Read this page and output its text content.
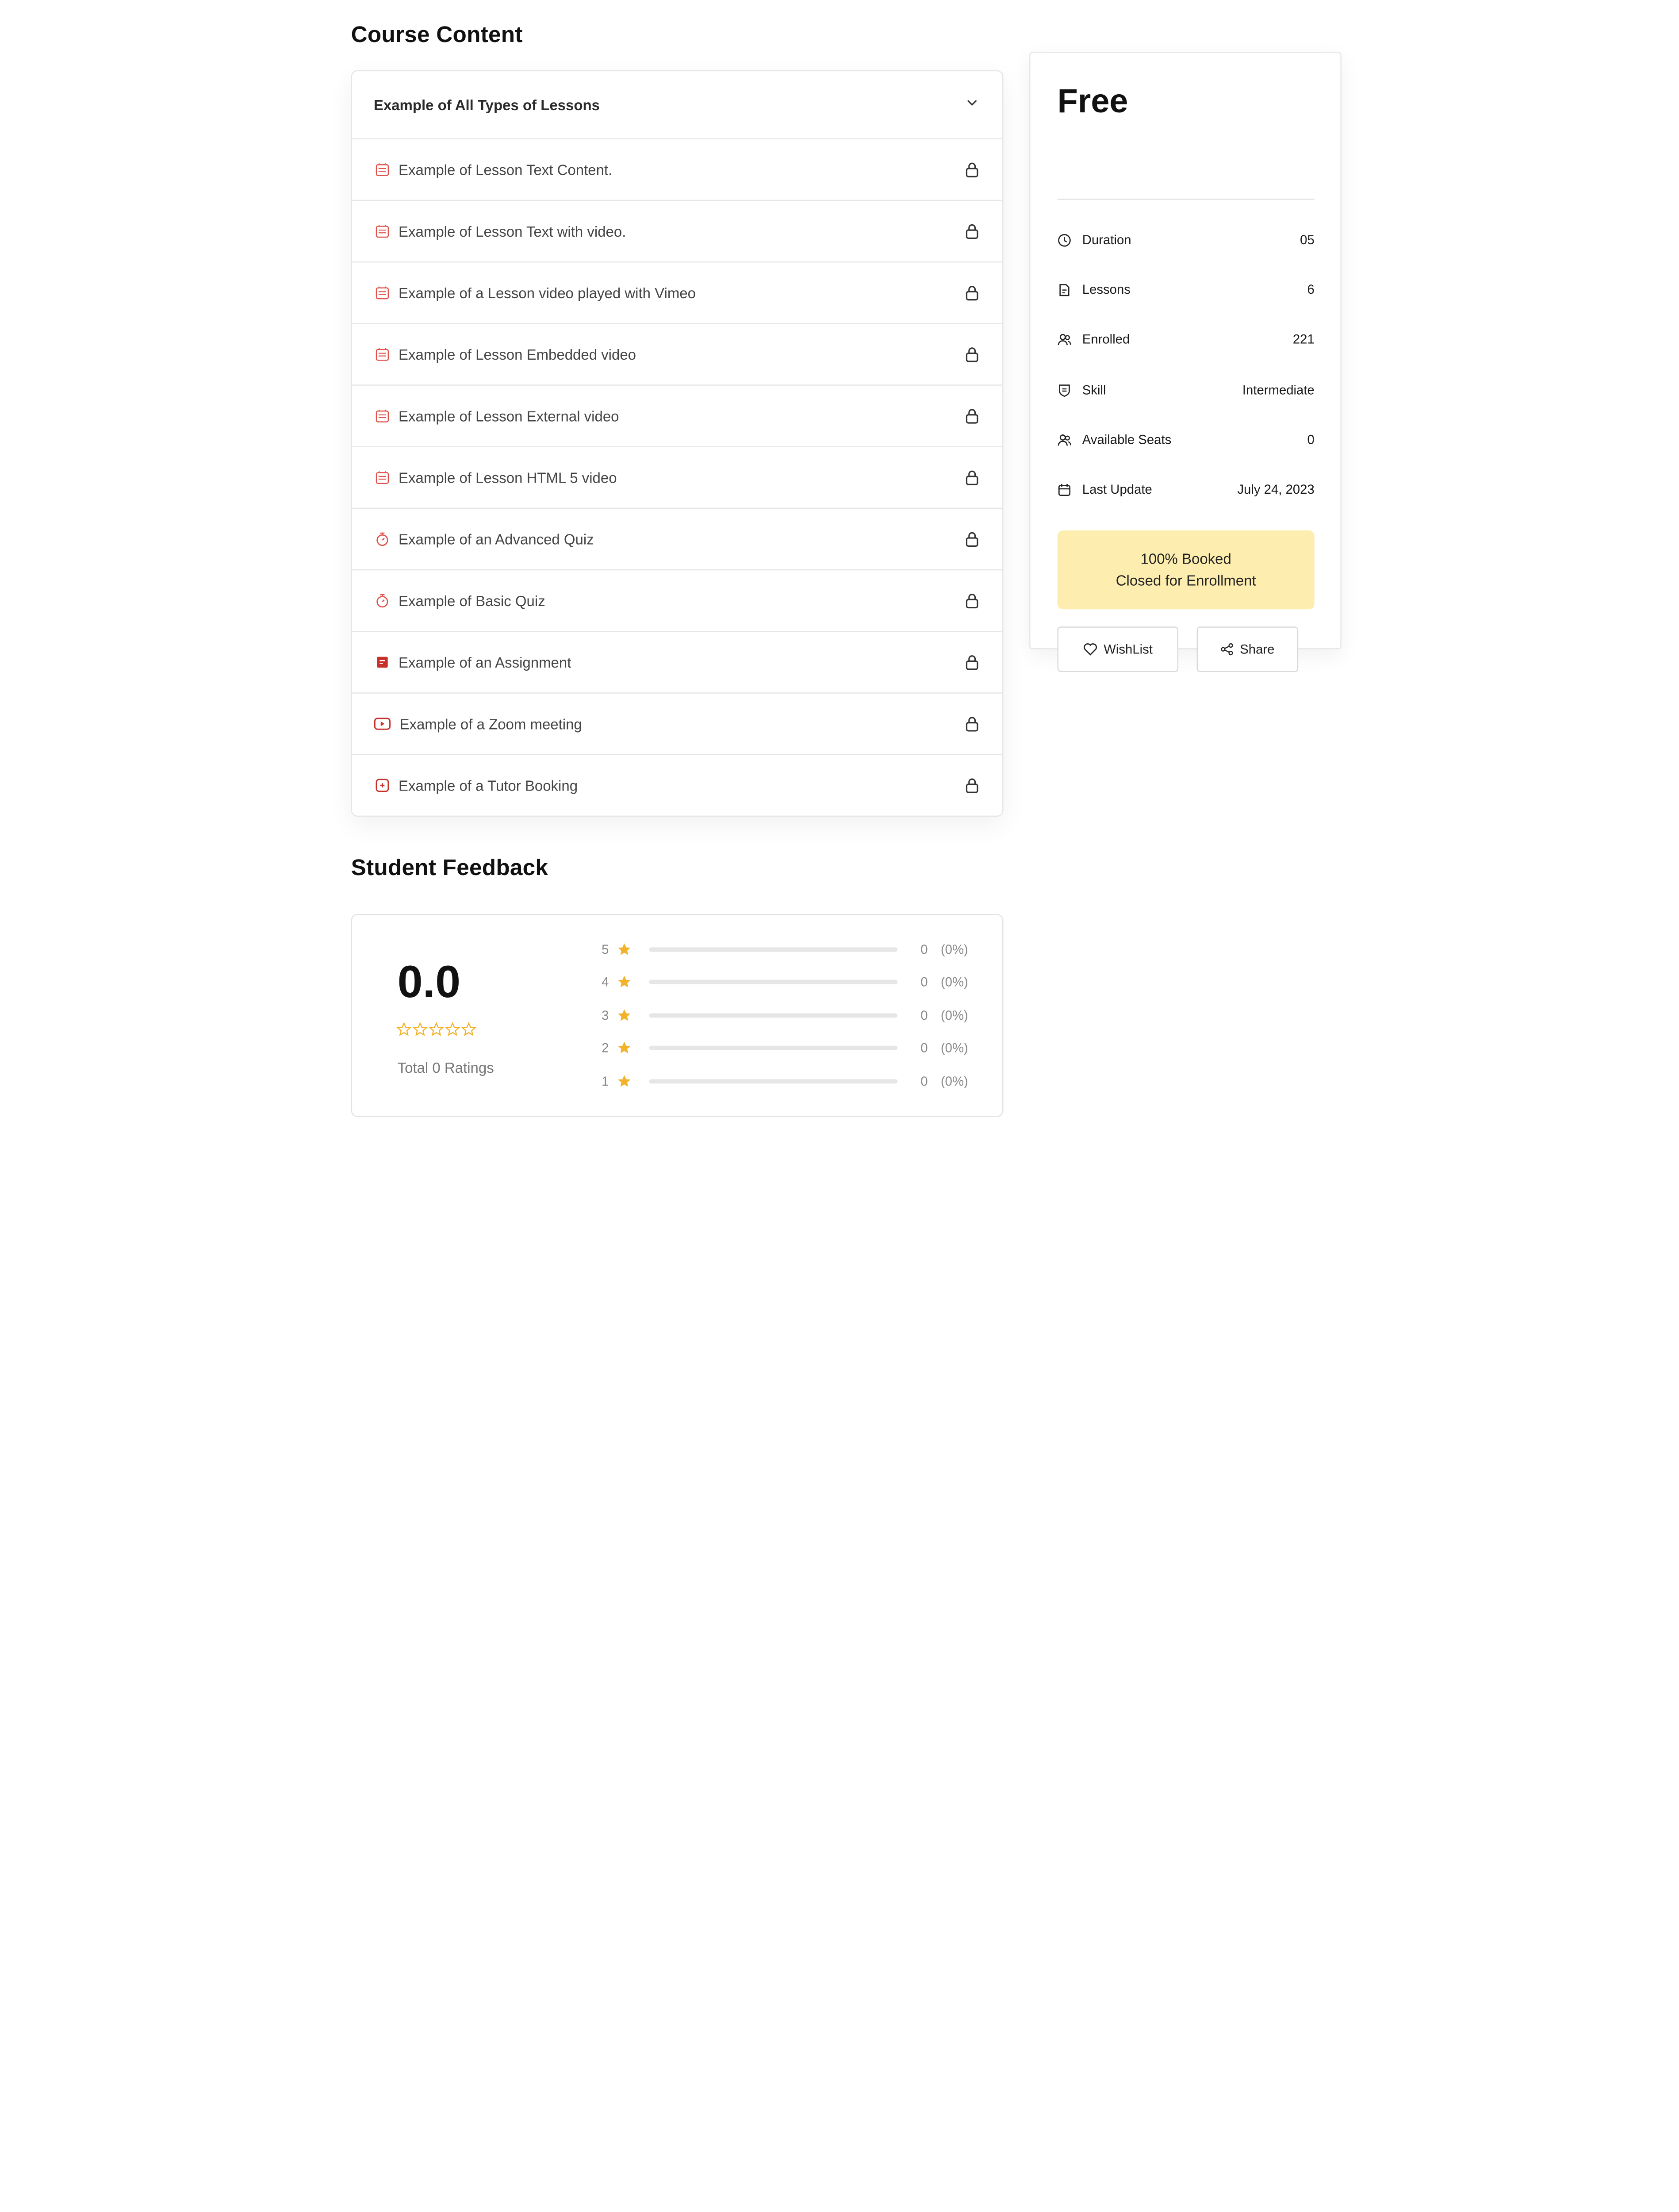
Course Content
Example of All Types of Lessons
Example of Lesson Text Content.
Example of Lesson Text with video.
Example of a Lesson video played with Vimeo
Example of Lesson Embedded video
Example of Lesson External video
Example of Lesson HTML 5 video
Example of an Advanced Quiz
Example of Basic Quiz
Example of an Assignment
Example of a Zoom meeting
Example of a Tutor Booking
Free
Duration	05
Lessons	6
Enrolled	221
Skill	Intermediate
Available Seats	0
Last Update	July 24, 2023
100% Booked
Closed for Enrollment
WishList	Share
Student Feedback
0.0
Total 0 Ratings
5	0 (0%)
4	0 (0%)
3	0 (0%)
2	0 (0%)
1	0 (0%)
